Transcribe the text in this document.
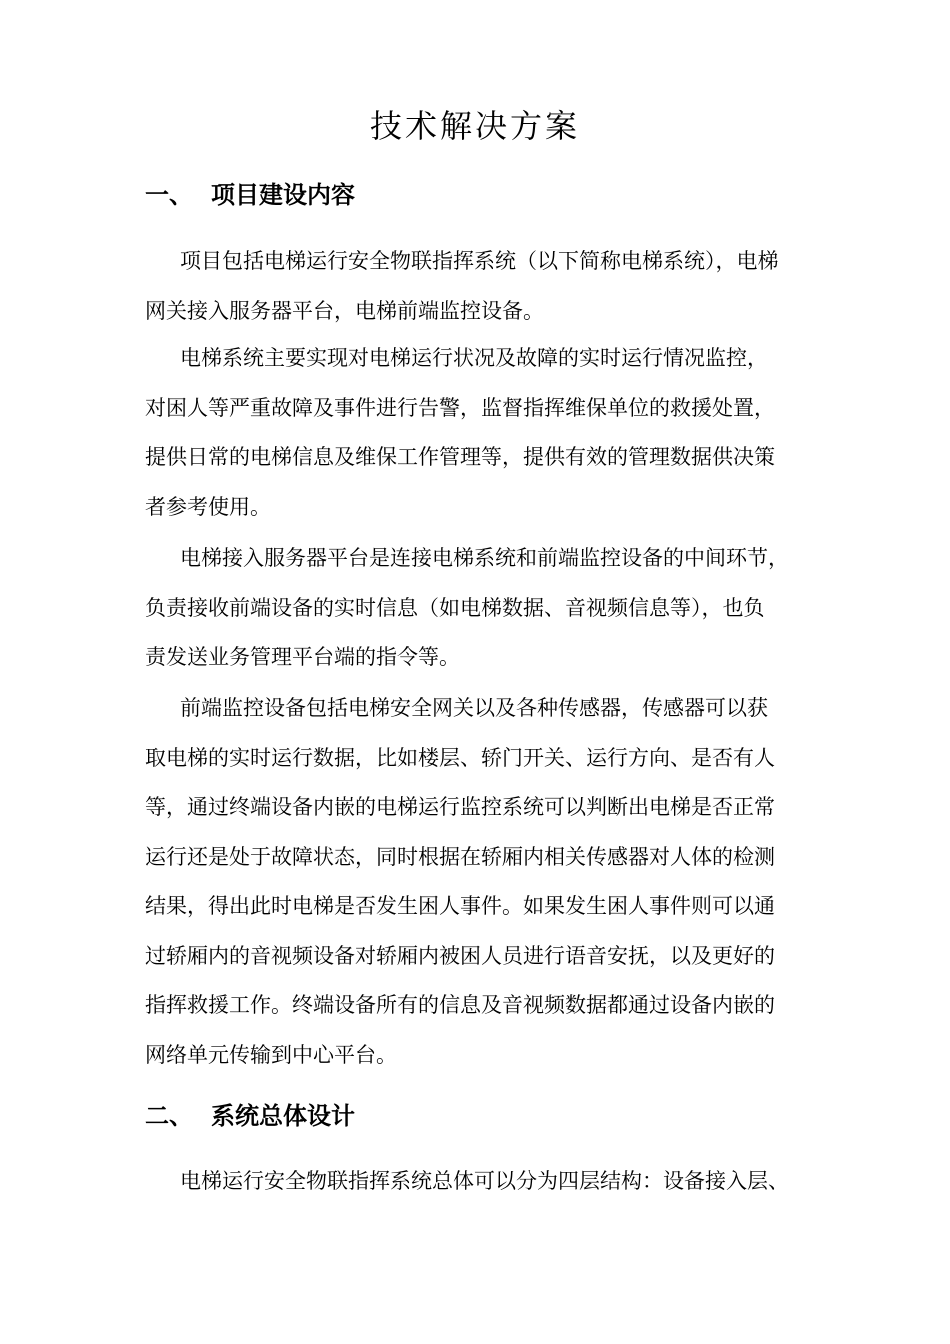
技术解决方案
一、 项目建设内容

项目包括电梯运行安全物联指挥系统（以下简称电梯系统），电梯
网关接入服务器平台，电梯前端监控设备。

电梯系统主要实现对电梯运行状况及故障的实时运行情况监控，
对困人等严重故障及事件进行告警，监督指挥维保单位的救援处置，
提供日常的电梯信息及维保工作管理等，提供有效的管理数据供决策
者参考使用。

电梯接入服务器平台是连接电梯系统和前端监控设备的中间环节，
负责接收前端设备的实时信息（如电梯数据、音视频信息等），也负
责发送业务管理平台端的指令等。

前端监控设备包括电梯安全网关以及各种传感器，传感器可以获
取电梯的实时运行数据，比如楼层、轿门开关、运行方向、是否有人
等，通过终端设备内嵌的电梯运行监控系统可以判断出电梯是否正常
运行还是处于故障状态，同时根据在轿厢内相关传感器对人体的检测
结果，得出此时电梯是否发生困人事件。如果发生困人事件则可以通
过轿厢内的音视频设备对轿厢内被困人员进行语音安抚，以及更好的
指挥救援工作。终端设备所有的信息及音视频数据都通过设备内嵌的
网络单元传输到中心平台。

二、 系统总体设计

电梯运行安全物联指挥系统总体可以分为四层结构：设备接入层、
